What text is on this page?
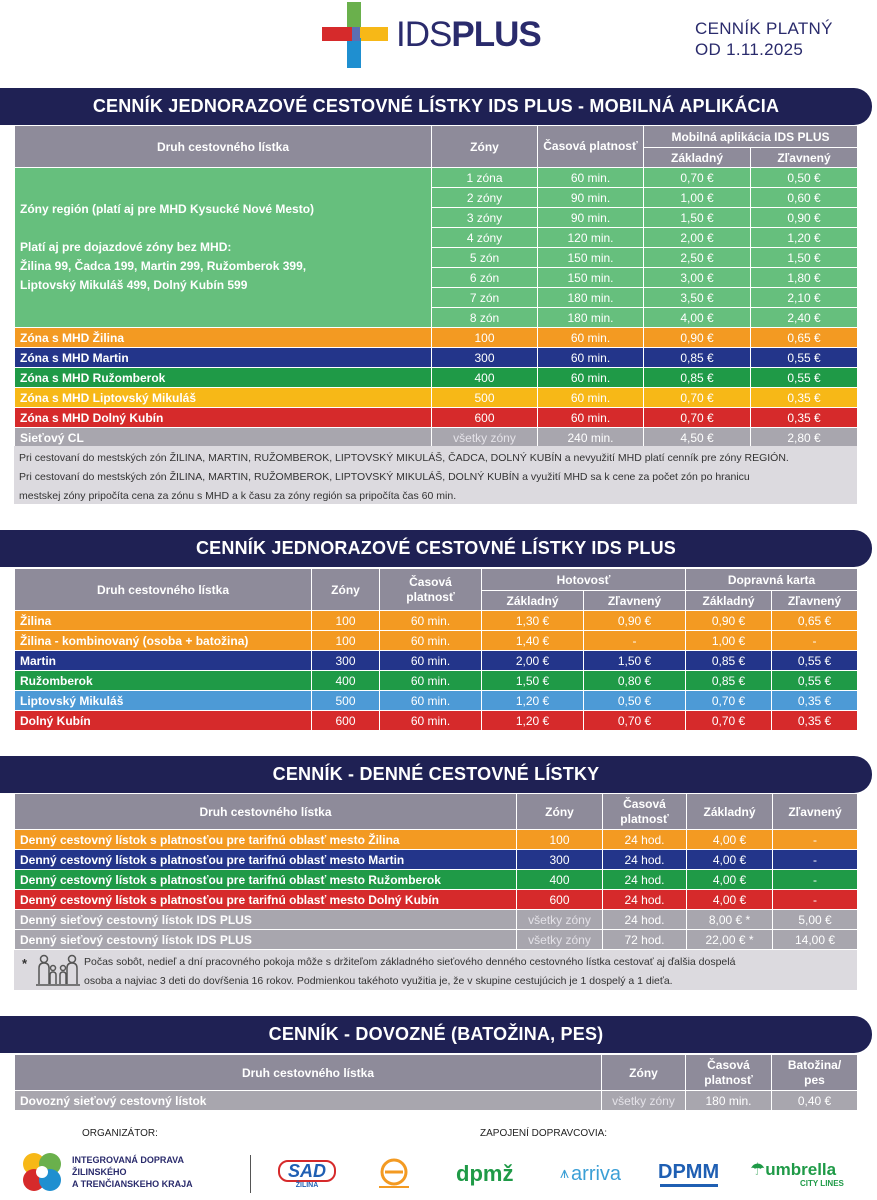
IDSPLUS	CENNÍK PLATNÝ
OD 1.11.2025
CENNÍK JEDNORAZOVÉ CESTOVNÉ LÍSTKY IDS PLUS - MOBILNÁ APLIKÁCIA
Druh cestovného lístka	Zóny	Časová platnosť	Mobilná aplikácia IDS PLUS	
			Základný	Zľavnený

Zóny región (platí aj pre MHD Kysucké Nové Mesto)
Platí aj pre dojazdové zóny bez MHD:
Žilina 99, Čadca 199, Martin 299, Ružomberok 399,
Liptovský Mikuláš 499, Dolný Kubín 599	1 zóna	60 min.	0,70 €	0,50 €
	2 zóny	90 min.	1,00 €	0,60 €
	3 zóny	90 min.	1,50 €	0,90 €
	4 zóny	120 min.	2,00 €	1,20 €
	5 zón	150 min.	2,50 €	1,50 €
	6 zón	150 min.	3,00 €	1,80 €
	7 zón	180 min.	3,50 €	2,10 €
	8 zón	180 min.	4,00 €	2,40 €
Zóna s MHD Žilina	100	60 min.	0,90 €	0,65 €
Zóna s MHD Martin	300	60 min.	0,85 €	0,55 €
Zóna s MHD Ružomberok	400	60 min.	0,85 €	0,55 €
Zóna s MHD Liptovský Mikuláš	500	60 min.	0,70 €	0,35 €
Zóna s MHD Dolný Kubín	600	60 min.	0,70 €	0,35 €
Sieťový CL	všetky zóny	240 min.	4,50 €	2,80 €
Pri cestovaní do mestských zón ŽILINA, MARTIN, RUŽOMBEROK, LIPTOVSKÝ MIKULÁŠ, ČADCA, DOLNÝ KUBÍN a nevyužití MHD platí cenník pre zóny REGIÓN.
Pri cestovaní do mestských zón ŽILINA, MARTIN, RUŽOMBEROK, LIPTOVSKÝ MIKULÁŠ, DOLNÝ KUBÍN a využití MHD sa k cene za počet zón po hranicu
mestskej zóny pripočíta cena za zónu s MHD a k času za zóny región sa pripočíta čas 60 min.
CENNÍK JEDNORAZOVÉ CESTOVNÉ LÍSTKY IDS PLUS
Druh cestovného lístka	Zóny	Časová platnosť	Hotovosť		Dopravná karta	
			Základný	Zľavnený	Základný	Zľavnený
Žilina	100	60 min.	1,30 €	0,90 €	0,90 €	0,65 €
Žilina - kombinovaný (osoba + batožina)	100	60 min.	1,40 €	-	1,00 €	-
Martin	300	60 min.	2,00 €	1,50 €	0,85 €	0,55 €
Ružomberok	400	60 min.	1,50 €	0,80 €	0,85 €	0,55 €
Liptovský Mikuláš	500	60 min.	1,20 €	0,50 €	0,70 €	0,35 €
Dolný Kubín	600	60 min.	1,20 €	0,70 €	0,70 €	0,35 €
CENNÍK - DENNÉ CESTOVNÉ LÍSTKY
Druh cestovného lístka	Zóny	Časová platnosť	Základný	Zľavnený
Denný cestovný lístok s platnosťou pre tarifnú oblasť mesto Žilina	100	24 hod.	4,00 €	-
Denný cestovný lístok s platnosťou pre tarifnú oblasť mesto Martin	300	24 hod.	4,00 €	-
Denný cestovný lístok s platnosťou pre tarifnú oblasť mesto Ružomberok	400	24 hod.	4,00 €	-
Denný cestovný lístok s platnosťou pre tarifnú oblasť mesto Dolný Kubín	600	24 hod.	4,00 €	-
Denný sieťový cestovný lístok IDS PLUS	všetky zóny	24 hod.	8,00 € *	5,00 €
Denný sieťový cestovný lístok IDS PLUS	všetky zóny	72 hod.	22,00 € *	14,00 €
*	Počas sobôt, nedieľ a dní pracovného pokoja môže s držiteľom základného sieťového denného cestovného lístka cestovať aj ďalšia dospelá
osoba a najviac 3 deti do dovŕšenia 16 rokov. Podmienkou takéhoto využitia je, že v skupine cestujúcich je 1 dospelý a 1 dieťa.
CENNÍK - DOVOZNÉ (BATOŽINA, PES)
Druh cestovného lístka	Zóny	Časová platnosť	Batožina/ pes
Dovozný sieťový cestovný lístok	všetky zóny	180 min.	0,40 €
ORGANIZÁTOR:	ZAPOJENÍ DOPRAVCOVIA:
INTEGROVANÁ DOPRAVA
ŽILINSKÉHO
A TRENČIANSKEHO KRAJA
SAD
ŽILINA	dpmž	⩚ arriva DPMM ☂umbrella
CITY LINES
